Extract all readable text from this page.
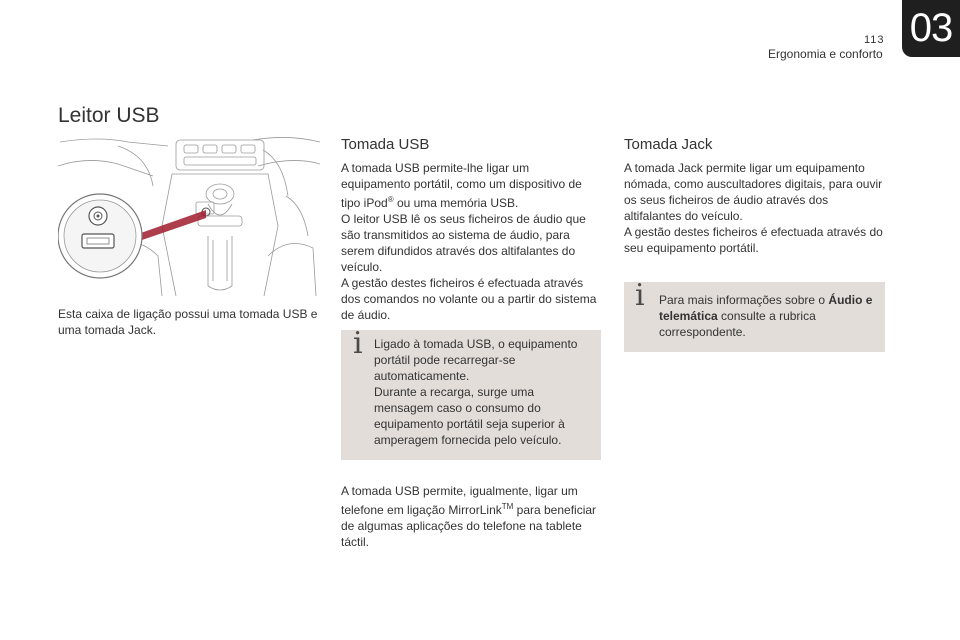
113
Ergonomia e conforto
03
Leitor USB
Esta caixa de ligação possui uma tomada USB e uma tomada Jack.
Tomada USB

A tomada USB permite-lhe ligar um equipamento portátil, como um dispositivo de tipo iPod® ou uma memória USB.

O leitor USB lê os seus ficheiros de áudio que são transmitidos ao sistema de áudio, para serem difundidos através dos altifalantes do veículo.

A gestão destes ficheiros é efectuada através dos comandos no volante ou a partir do sistema de áudio.

i Ligado à tomada USB, o equipamento portátil pode recarregar-se automaticamente.

Durante a recarga, surge uma mensagem caso o consumo do equipamento portátil seja superior à amperagem fornecida pelo veículo.

A tomada USB permite, igualmente, ligar um telefone em ligação MirrorLink™ para beneficiar de algumas aplicações do telefone na tablete táctil.

Tomada Jack

A tomada Jack permite ligar um equipamento nómada, como auscultadores digitais, para ouvir os seus ficheiros de áudio através dos altifalantes do veículo.

A gestão destes ficheiros é efectuada através do seu equipamento portátil.

i Para mais informações sobre o Áudio e telemática consulte a rubrica correspondente.
